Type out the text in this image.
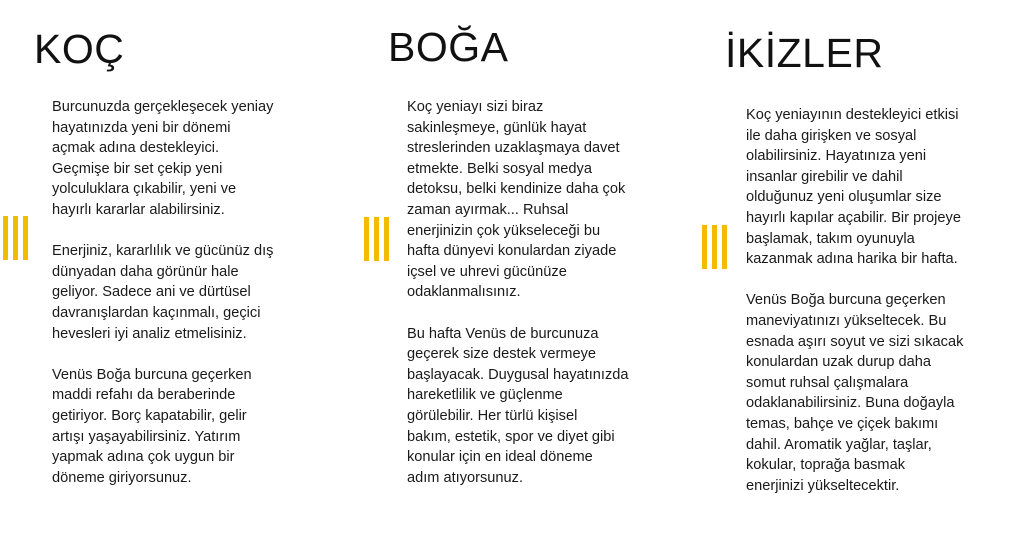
KOÇ

Burcunuzda gerçekleşecek yeniay
hayatınızda yeni bir dönemi
açmak adına destekleyici.
Geçmişe bir set çekip yeni
yolculuklara çıkabilir, yeni ve
hayırlı kararlar alabilirsiniz.

Enerjiniz, kararlılık ve gücünüz dış
dünyadan daha görünür hale
geliyor. Sadece ani ve dürtüsel
davranışlardan kaçınmalı, geçici
hevesleri iyi analiz etmelisiniz.

Venüs Boğa burcuna geçerken
maddi refahı da beraberinde
getiriyor. Borç kapatabilir, gelir
artışı yaşayabilirsiniz. Yatırım
yapmak adına çok uygun bir
döneme giriyorsunuz.

BOĞA

Koç yeniayı sizi biraz
sakinleşmeye, günlük hayat
streslerinden uzaklaşmaya davet
etmekte. Belki sosyal medya
detoksu, belki kendinize daha çok
zaman ayırmak... Ruhsal
enerjinizin çok yükseleceği bu
hafta dünyevi konulardan ziyade
içsel ve uhrevi gücünüze
odaklanmalısınız.

Bu hafta Venüs de burcunuza
geçerek size destek vermeye
başlayacak. Duygusal hayatınızda
hareketlilik ve güçlenme
görülebilir. Her türlü kişisel
bakım, estetik, spor ve diyet gibi
konular için en ideal döneme
adım atıyorsunuz.

İKİZLER

Koç yeniayının destekleyici etkisi
ile daha girişken ve sosyal
olabilirsiniz. Hayatınıza yeni
insanlar girebilir ve dahil
olduğunuz yeni oluşumlar size
hayırlı kapılar açabilir. Bir projeye
başlamak, takım oyunuyla
kazanmak adına harika bir hafta.

Venüs Boğa burcuna geçerken
maneviyatınızı yükseltecek. Bu
esnada aşırı soyut ve sizi sıkacak
konulardan uzak durup daha
somut ruhsal çalışmalara
odaklanabilirsiniz. Buna doğayla
temas, bahçe ve çiçek bakımı
dahil. Aromatik yağlar, taşlar,
kokular, toprağa basmak
enerjinizi yükseltecektir.
